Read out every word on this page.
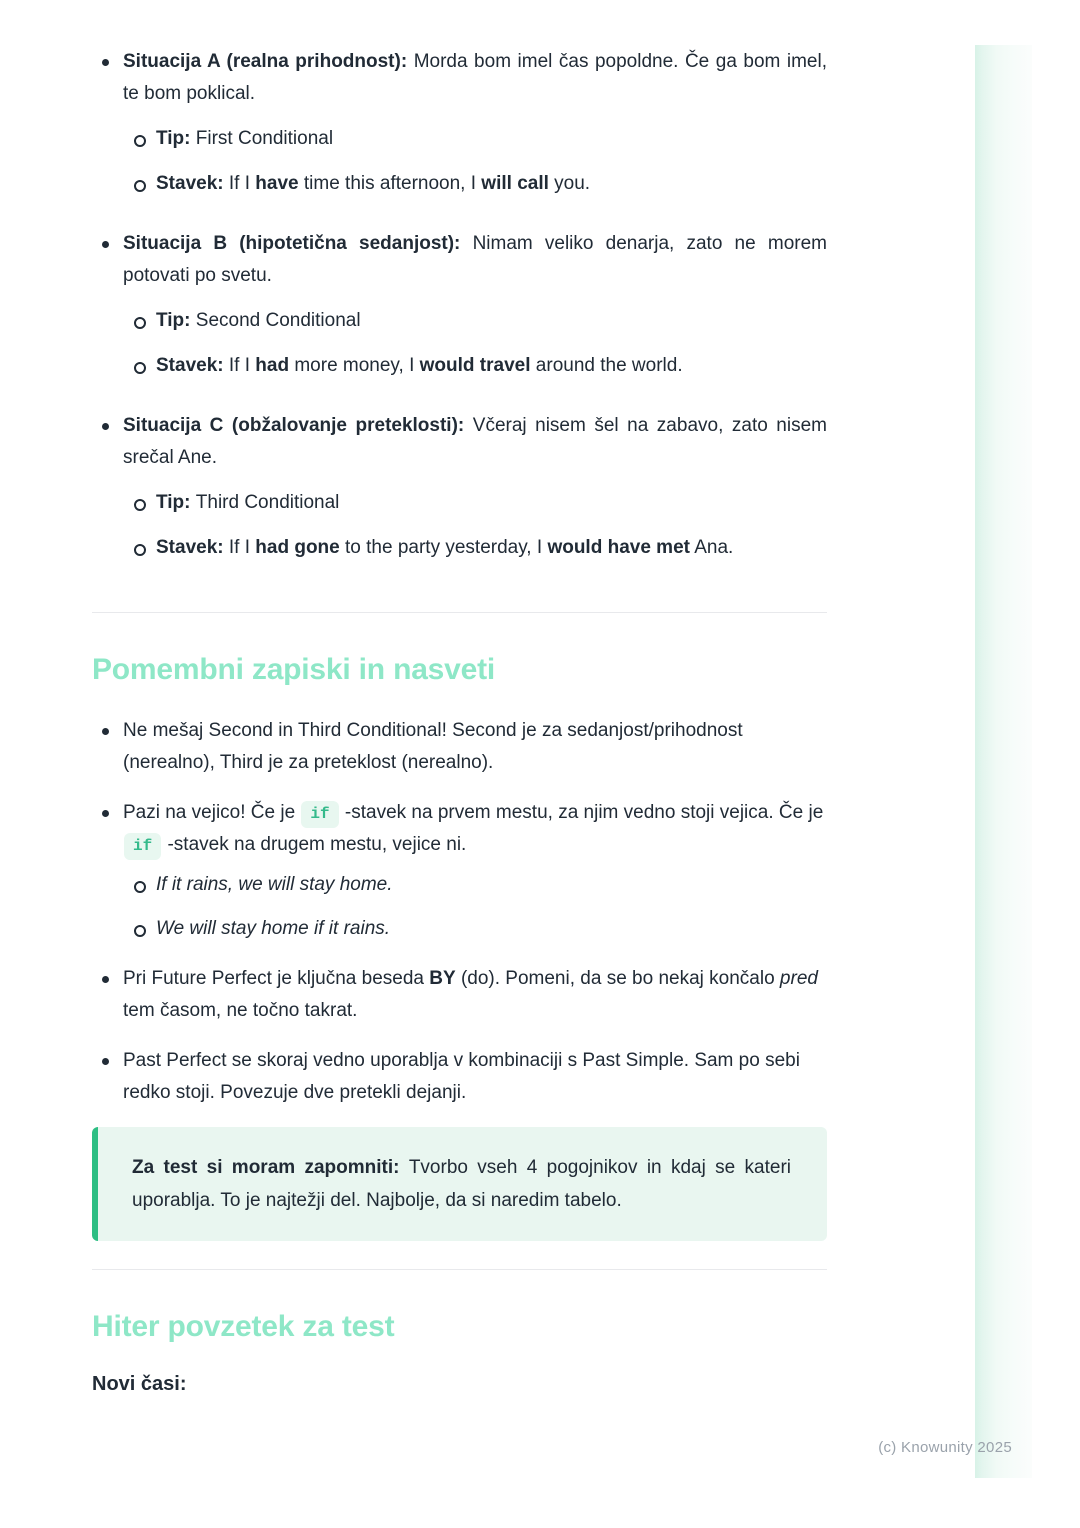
Situacija A (realna prihodnost): Morda bom imel čas popoldne. Če ga bom imel, te bom poklical.

Tip: First Conditional

Stavek: If I have time this afternoon, I will call you.

Situacija B (hipotetična sedanjost): Nimam veliko denarja, zato ne morem potovati po svetu.

Tip: Second Conditional

Stavek: If I had more money, I would travel around the world.

Situacija C (obžalovanje preteklosti): Včeraj nisem šel na zabavo, zato nisem srečal Ane.

Tip: Third Conditional

Stavek: If I had gone to the party yesterday, I would have met Ana.

Pomembni zapiski in nasveti

Ne mešaj Second in Third Conditional! Second je za sedanjost/prihodnost (nerealno), Third je za preteklost (nerealno).

Pazi na vejico! Če je if -stavek na prvem mestu, za njim vedno stoji vejica. Če je if -stavek na drugem mestu, vejice ni.

If it rains, we will stay home.

We will stay home if it rains.

Pri Future Perfect je ključna beseda BY (do). Pomeni, da se bo nekaj končalo pred tem časom, ne točno takrat.

Past Perfect se skoraj vedno uporablja v kombinaciji s Past Simple. Sam po sebi redko stoji. Povezuje dve pretekli dejanji.

Za test si moram zapomniti: Tvorbo vseh 4 pogojnikov in kdaj se kateri uporablja. To je najtežji del. Najbolje, da si naredim tabelo.

Hiter povzetek za test

Novi časi:

(c) Knowunity 2025
